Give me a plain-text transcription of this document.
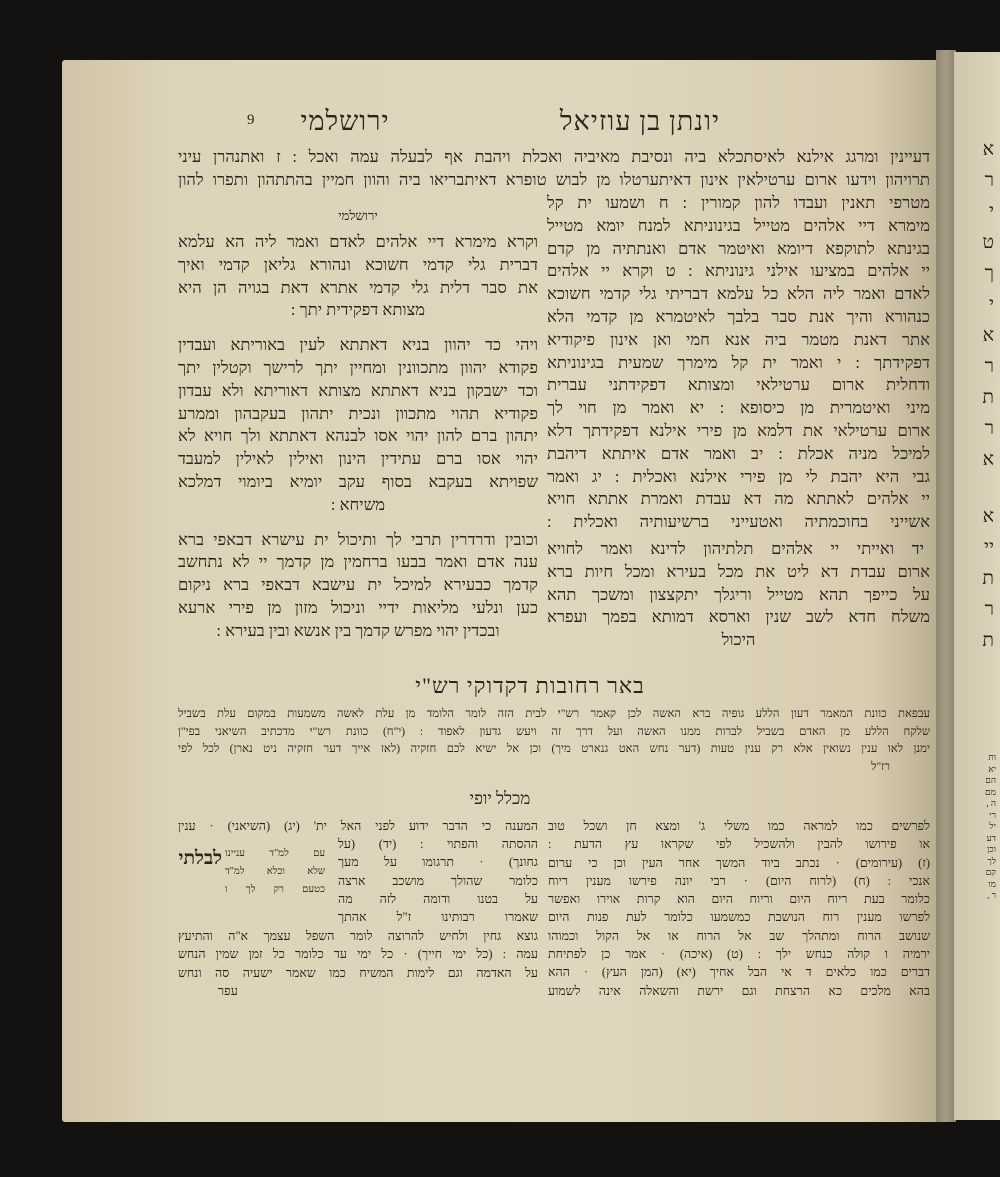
א
ר
י
ט
ך
י
א
ר
ת
ר
א
א
יי
ת
ר
ת
ות
יא
הם
מם
ה ,
רי
יל
דע
וכן
לך
קם
מו
ר ,
9	יונתן בן עוזיאל
ירושלמי
דעיינין ומרגג אילנא לאיסתכלא ביה ונסיבת מאיביה ואכלת ויהבת אף לבעלה עמה ואכל : ז ואתנהרן עיני
תרויהון וידעו ארום ערטילאין אינון דאיתערטלו מן לבוש טופרא דאיתבריאו ביה והוון חמיין בהתתהון ותפרו להון
מטרפי תאנין ועבדו להון קמורין : ח ושמעו ית קל
מימרא דיי אלהים מטייל בגינוניתא למנח יומא מטייל
בגינתא לתוקפא דיומא ואיטמר אדם ואנתתיה מן קדם
יי אלהים במציעו אילני גינוניתא : ט וקרא יי אלהים
לאדם ואמר ליה הלא כל עלמא דבריתי גלי קדמי חשוכא
כנהורא והיך אנת סבר בלבך לאיטמרא מן קדמי הלא
אתר דאנת מטמר ביה אנא חמי ואן אינון פיקודיא
דפקידתך : י ואמר ית קל מימרך שמעית בגינוניתא
ודחלית ארום ערטילאי ומצותא דפקידתני עברית
מיני ואיטמרית מן כיסופא : יא ואמר מן חוי לך
ארום ערטילאי את דלמא מן פירי אילנא דפקידתך דלא
למיכל מניה אכלת : יב ואמר אדם איתתא דיהבת
גבי היא יהבת לי מן פירי אילנא ואכלית : יג ואמר
יי אלהים לאתתא מה דא עבדת ואמרת אתתא חויא
אשייני בחוכמתיה ואטעייני ברשיעותיה ואכלית :
יד ואייתי יי אלהים תלתיהון לדינא ואמר לחויא
ארום עבדת דא ליט את מכל בעירא ומכל חיות ברא
על כייפך תהא מטייל וריגלך יתקצצון ומשכך תהא
משלח חדא לשב שנין וארסא דמותא בפמך ועפרא
היכול
ירושלמי
וקרא מימרא דיי אלהים לאדם ואמר ליה הא עלמא
דברית גלי קדמי חשוכא ונהורא גליאן קדמי ואיך
את סבר דלית גלי קדמי אתרא דאת בגויה הן היא
מצותא דפקידית יתך :
ויהי כד יהוון בניא דאתתא לעין באוריתא ועבדין
פקודא יהוון מתכוונין ומחיין יתך לרישך וקטלין יתך
וכד ישבקון בניא דאתתא מצותא דאוריתא ולא עבדון
פקודיא תהוי מתכוון ונכית יתהון בעקבהון וממרע
יתהון ברם להון יהוי אסו לבנהא דאתתא ולך חויא לא
יהוי אסו ברם עתידין הינון ואילין לאילין למעבד
שפויתא בעקבא בסוף עקב יומיא ביומוי דמלכא
משיחא :
וכובין ודרדרין תרבי לך ותיכול ית עישרא דבאפי ברא
ענה אדם ואמר בבעו ברחמין מן קדמך יי לא נתחשב
קדמך כבעירא למיכל ית עישבא דבאפי ברא ניקום
כען ונלעי מליאות ידיי וניכול מזון מן פירי ארעא
ובכדין יהוי מפרש קדמך בין אנשא ובין בעירא :
באר רחובות דקדוקי רש"י
עבפאת כוונת המאמר דעון הללע גופיה ברא האשה לכן קאמר רש"י לבית הזה לומר הלומד מן עלת לאשה משמעות במקום עלת בשביל
שלקח הללע מן האדם בשביל לברות ממנו האשה ועל דרך זה ויעש גדעון לאפוד : (י"ח) כוונת רש"י מדכתיב השיאני בפי"ן
ימנן לאו ענין נשואין אלא רק ענין טעות (דער נחש האט גנארט מיך) וכן אל ישיא לכם חזקיה (לאז אייך דער חזקיה ניט נארן) לכל לפי
רז"ל
מכלל יופי
לפרשים כמו למראה כמו משלי ג' ומצא חן ושכל טוב
או פירושו להבין ולהשכיל לפי שקראו עץ הדעת :
(ז) (עירומים) · נכתב ביוד המשך אחר העין וכן כי ערום
אנכי : (ח) (לרוח היום) · רבי יונה פירשו מענין ריוח
כלומר בעת ריוח היום וריוח היום הוא קרות אוירו ואפשר
לפרשו מענין רוח הנושבת כמשמעו כלומר לעת פנות היום
שנושב הרוח ומתהלך שב אל הרוח או אל הקול וכמוהו
ירמיה ו קולה כנחש ילך : (ט) (איכה) · אמר כן לפתיחת
דברים כמו כלאים ד אי הבל אחיך (יא) (המן העץ) · ההא
בהא מלכים כא הרצחת וגם ירשת והשאלה אינה לשמוע
המענה כי הדבר ידוע לפני האל ית' (יג) (השיאני) · ענין
ההסתה והפתוי : (יד) (על
גחונך) · תרגומו על מעך
כלומר שהולך מושכב ארצה
על בטנו ודומה לזה מה
שאמרו רבותינו ז"ל אהתך
לבלתי עם למ"ד עניינו
שלא וכלא למ"ד
כטעם רק לך ו
גוצא גחין ולחיש להרוצה לומר השפל עצמך א"ה והתיעץ
עמה : (כל ימי חייך) · כל ימי עד כלומר כל זמן שמין הנחש
על האדמה וגם לימות המשיח כמו שאמר ישעיה סה ונחש
עפר
